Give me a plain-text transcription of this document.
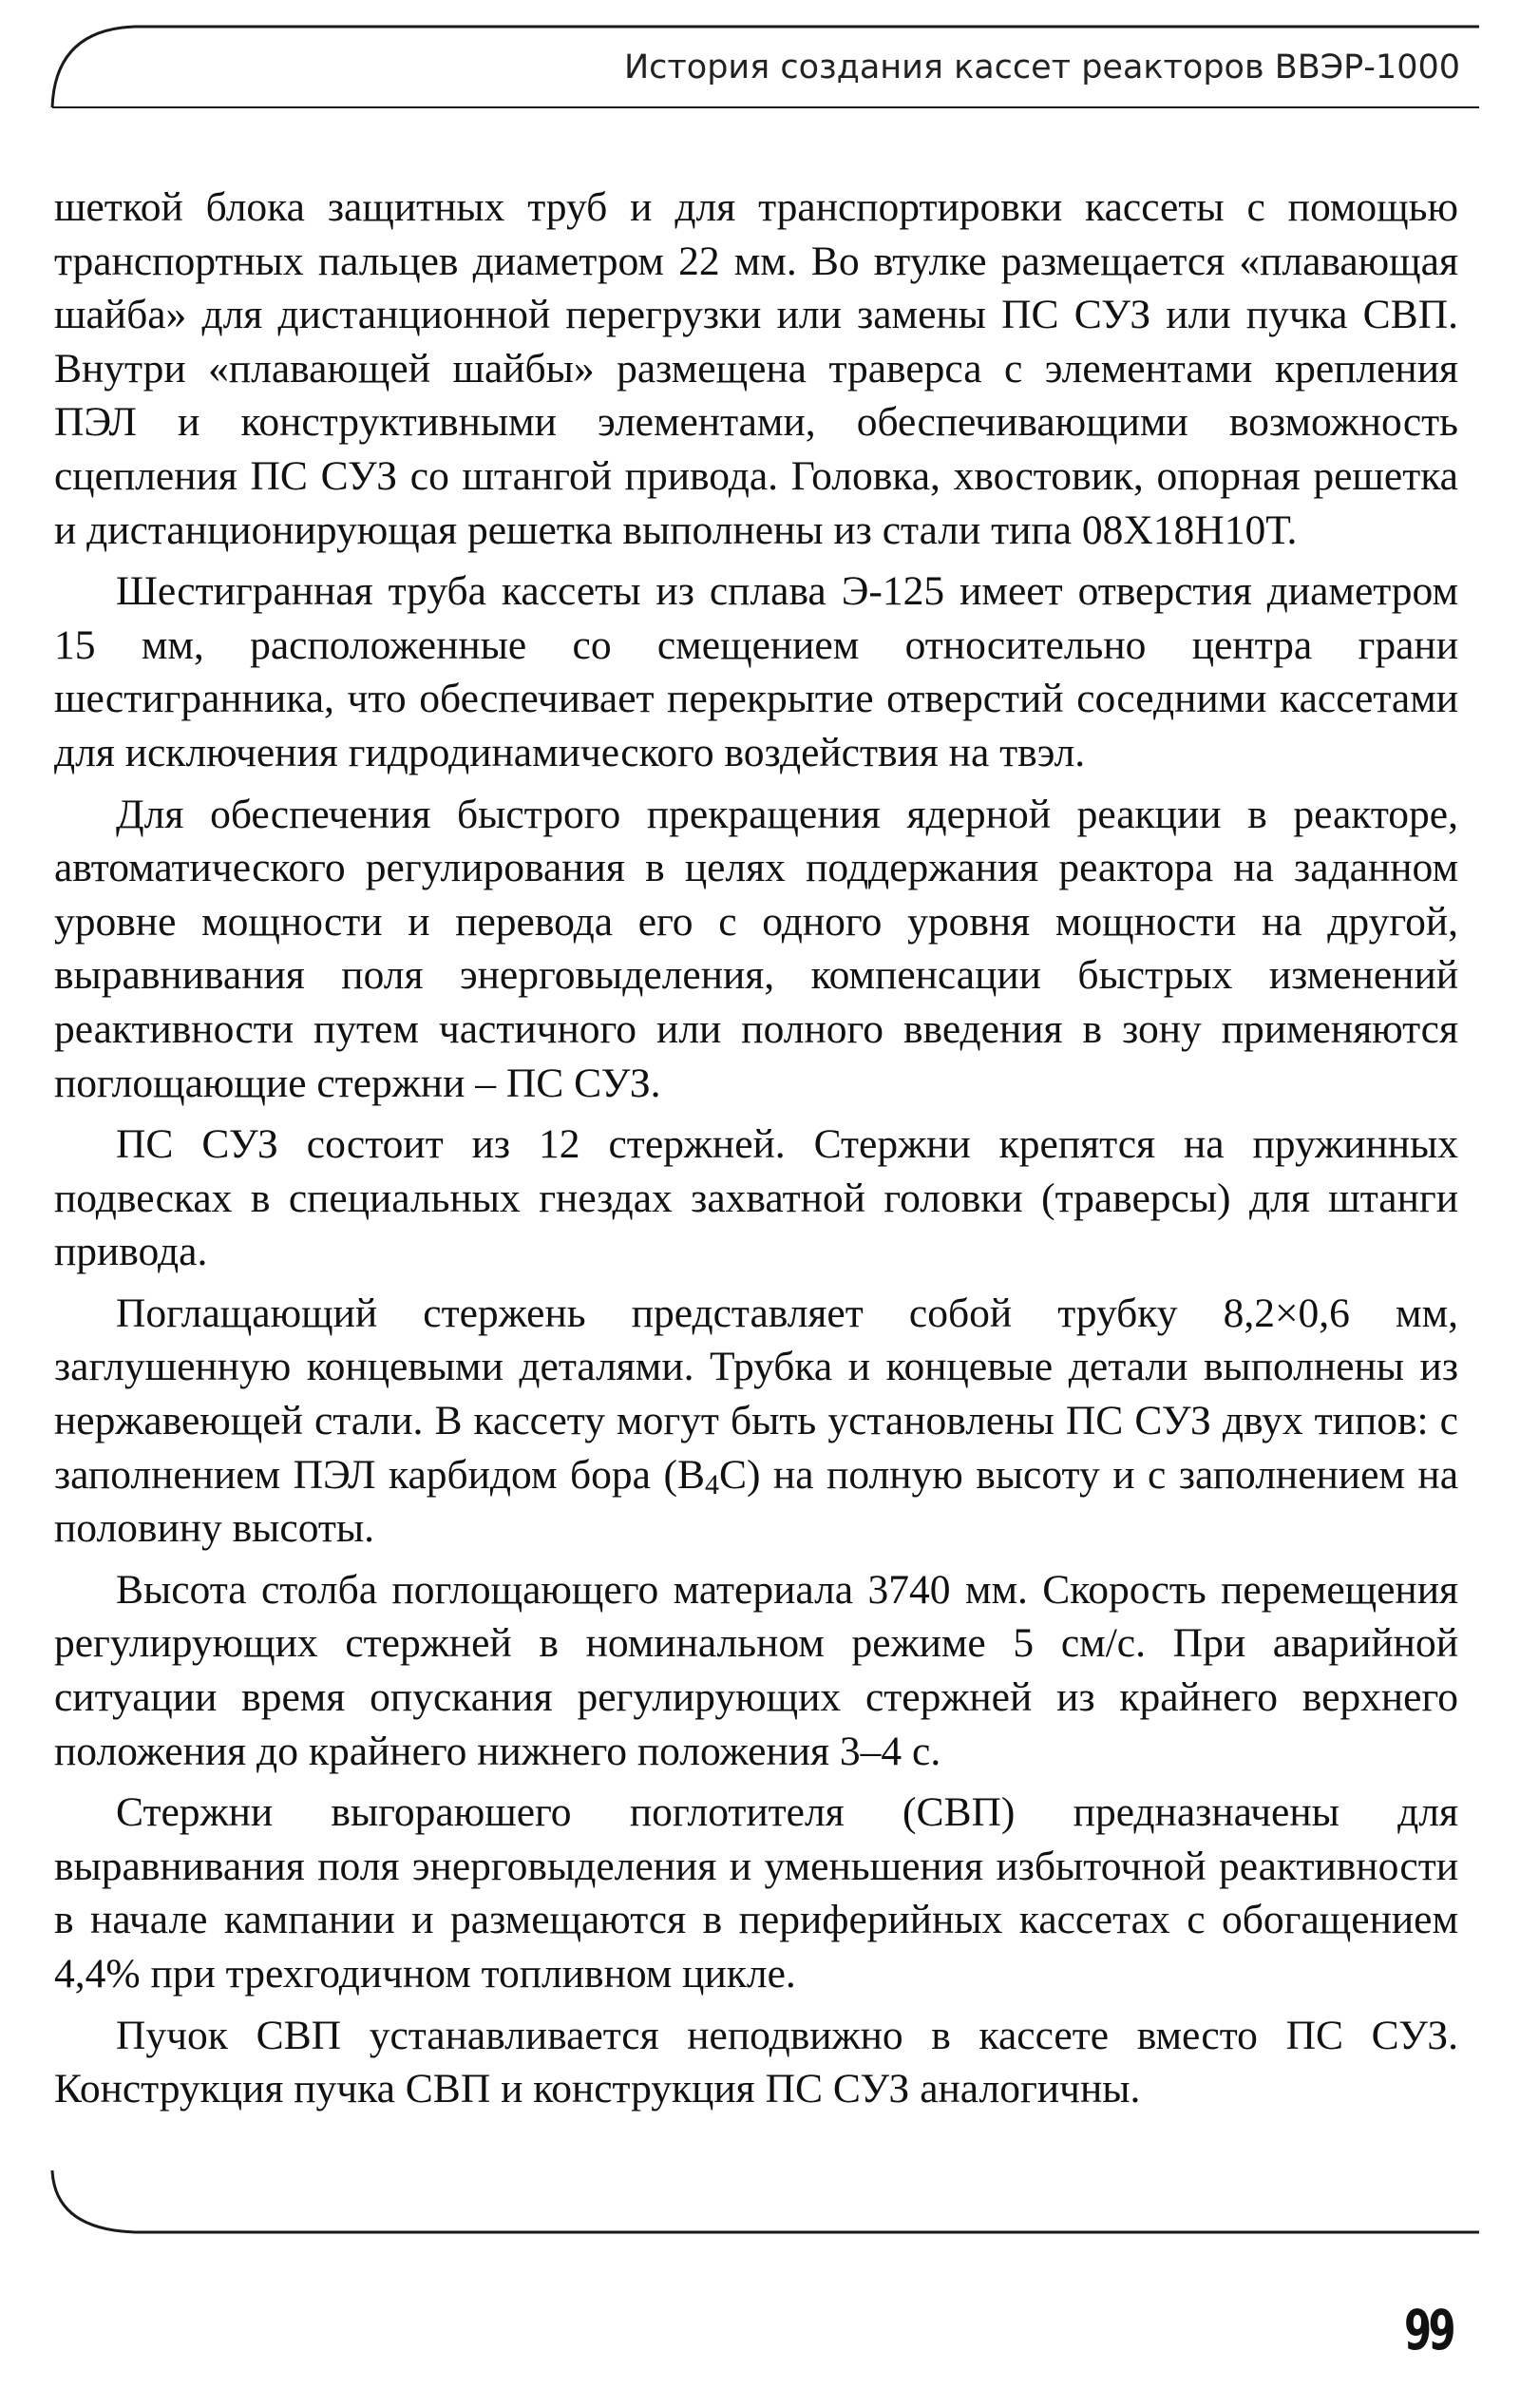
История создания кассет реакторов ВВЭР-1000

шеткой блока защитных труб и для транспортировки кассеты с помощью транспортных пальцев диаметром 22 мм. Во втулке размещается «плавающая шайба» для дистанционной перегрузки или замены ПС СУЗ или пучка СВП. Внутри «плавающей шайбы» размещена траверса с элементами крепления ПЭЛ и конструктивными элементами, обеспечивающими возможность сцепления ПС СУЗ со штангой привода. Головка, хвостовик, опорная решетка и дистанционирующая решетка выполнены из стали типа 08Х18Н10Т.

Шестигранная труба кассеты из сплава Э-125 имеет отверстия диаметром 15 мм, расположенные со смещением относительно центра грани шестигранника, что обеспечивает перекрытие отверстий соседними кассетами для исключения гидродинамического воздействия на твэл.

Для обеспечения быстрого прекращения ядерной реакции в реакторе, автоматического регулирования в целях поддержания реактора на заданном уровне мощности и перевода его с одного уровня мощности на другой, выравнивания поля энерговыделения, компенсации быстрых изменений реактивности путем частичного или полного введения в зону применяются поглощающие стержни – ПС СУЗ.

ПС СУЗ состоит из 12 стержней. Стержни крепятся на пружинных подвесках в специальных гнездах захватной головки (траверсы) для штанги привода.

Поглащающий стержень представляет собой трубку 8,2×0,6 мм, заглушенную концевыми деталями. Трубка и концевые детали выполнены из нержавеющей стали. В кассету могут быть установлены ПС СУЗ двух типов: с заполнением ПЭЛ карбидом бора $(B_4C)$ на полную высоту и с заполнением на половину высоты.

Высота столба поглощающего материала 3740 мм. Скорость перемещения регулирующих стержней в номинальном режиме 5 см/с. При аварийной ситуации время опускания регулирующих стержней из крайнего верхнего положения до крайнего нижнего положения 3–4 с.

Стержни выгораюшего поглотителя (СВП) предназначены для выравнивания поля энерговыделения и уменьшения избыточной реактивности в начале кампании и размещаются в периферийных кассетах с обогащением 4,4% при трехгодичном топливном цикле.

Пучок СВП устанавливается неподвижно в кассете вместо ПС СУЗ. Конструкция пучка СВП и конструкция ПС СУЗ аналогичны.

99
